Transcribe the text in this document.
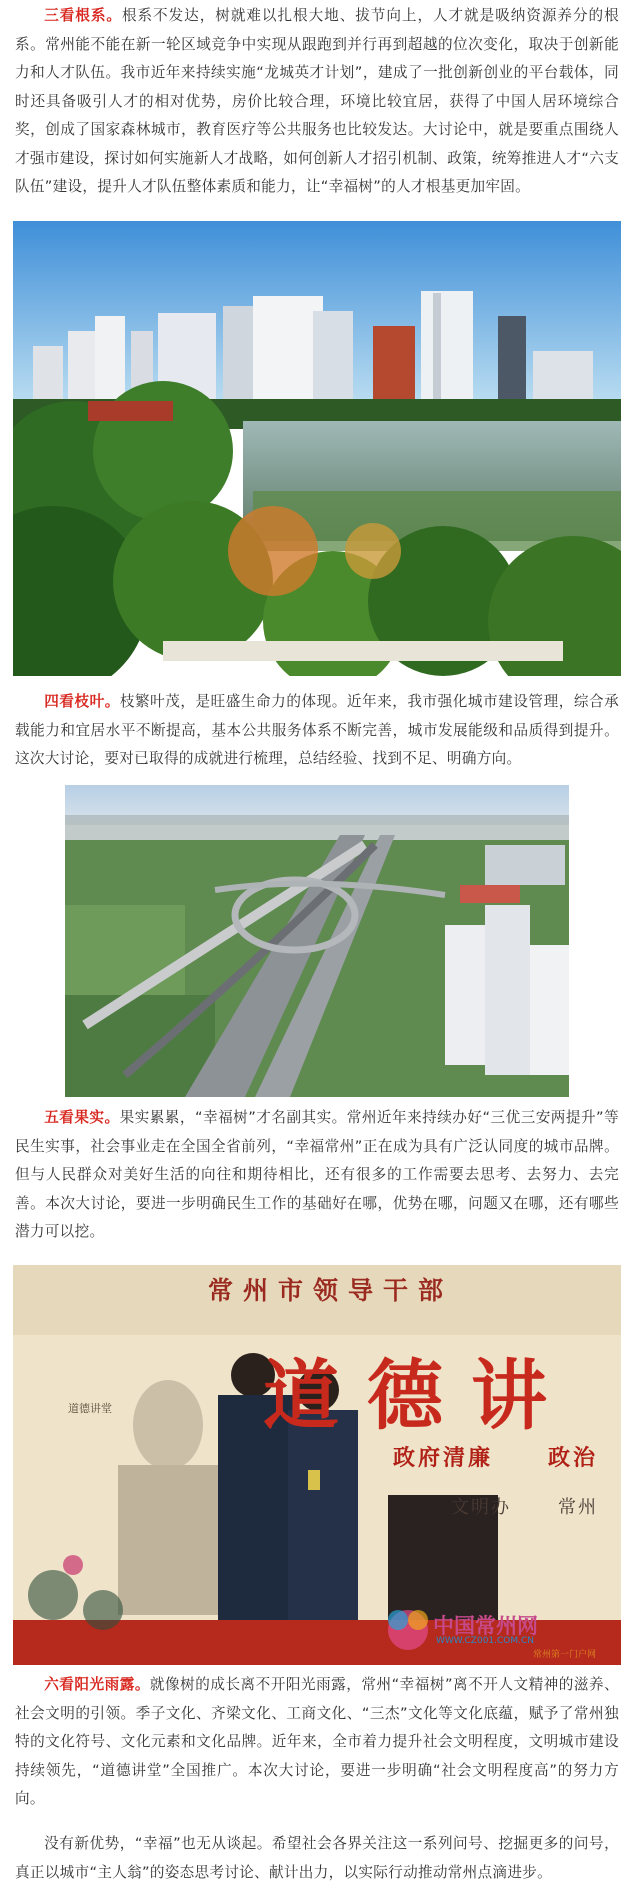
三看根系。根系不发达，树就难以扎根大地、拔节向上，人才就是吸纳资源养分的根系。常州能不能在新一轮区域竞争中实现从跟跑到并行再到超越的位次变化，取决于创新能力和人才队伍。我市近年来持续实施“龙城英才计划”，建成了一批创新创业的平台载体，同时还具备吸引人才的相对优势，房价比较合理，环境比较宜居，获得了中国人居环境综合奖，创成了国家森林城市，教育医疗等公共服务也比较发达。大讨论中，就是要重点围绕人才强市建设，探讨如何实施新人才战略，如何创新人才招引机制、政策，统筹推进人才“六支队伍”建设，提升人才队伍整体素质和能力，让“幸福树”的人才根基更加牢固。

四看枝叶。枝繁叶茂，是旺盛生命力的体现。近年来，我市强化城市建设管理，综合承载能力和宜居水平不断提高，基本公共服务体系不断完善，城市发展能级和品质得到提升。这次大讨论，要对已取得的成就进行梳理，总结经验、找到不足、明确方向。

五看果实。果实累累，“幸福树”才名副其实。常州近年来持续办好“三优三安两提升”等民生实事，社会事业走在全国全省前列，“幸福常州”正在成为具有广泛认同度的城市品牌。但与人民群众对美好生活的向往和期待相比，还有很多的工作需要去思考、去努力、去完善。本次大讨论，要进一步明确民生工作的基础好在哪，优势在哪，问题又在哪，还有哪些潜力可以挖。

常州市领导干部
道德讲
政府清廉 政治
文明办	常州
道德讲堂
中国常州网
WWW.CZ001.COM.CN
常州第一门户网

六看阳光雨露。就像树的成长离不开阳光雨露，常州“幸福树”离不开人文精神的滋养、社会文明的引领。季子文化、齐梁文化、工商文化、“三杰”文化等文化底蕴，赋予了常州独特的文化符号、文化元素和文化品牌。近年来，全市着力提升社会文明程度，文明城市建设持续领先，“道德讲堂”全国推广。本次大讨论，要进一步明确“社会文明程度高”的努力方向。

没有新优势，“幸福”也无从谈起。希望社会各界关注这一系列问号、挖掘更多的问号，真正以城市“主人翁”的姿态思考讨论、献计出力，以实际行动推动常州点滴进步。
